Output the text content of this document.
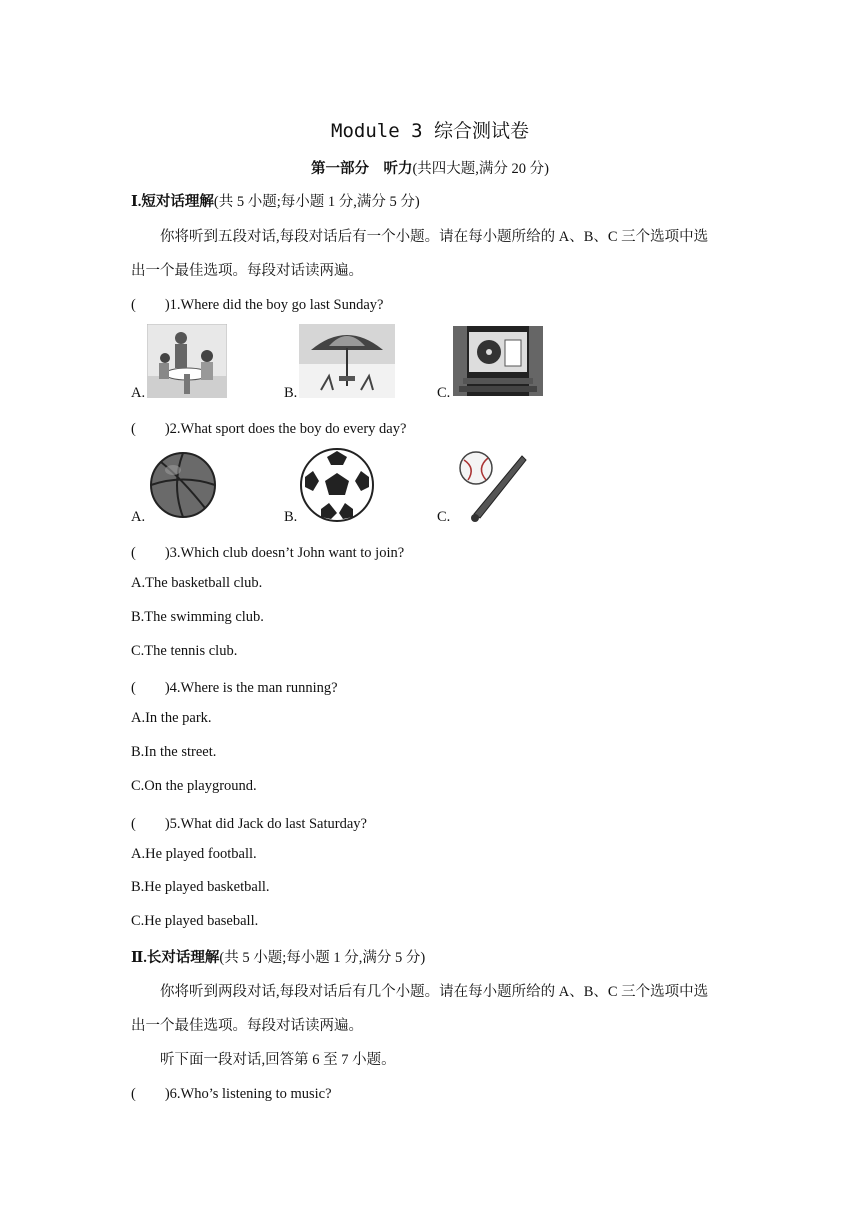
Module 3 综合测试卷
第一部分　听力(共四大题,满分 20 分)
Ⅰ.短对话理解(共 5 小题;每小题 1 分,满分 5 分)
你将听到五段对话,每段对话后有一个小题。请在每小题所给的 A、B、C 三个选项中选
出一个最佳选项。每段对话读两遍。
(　　)1.Where did the boy go last Sunday?
A.	B.	C.
(　　)2.What sport does the boy do every day?
A.	B.	C.
(　　)3.Which club doesn’t John want to join?
A.The basketball club.
B.The swimming club.
C.The tennis club.
(　　)4.Where is the man running?
A.In the park.
B.In the street.
C.On the playground.
(　　)5.What did Jack do last Saturday?
A.He played football.
B.He played basketball.
C.He played baseball.
Ⅱ.长对话理解(共 5 小题;每小题 1 分,满分 5 分)
你将听到两段对话,每段对话后有几个小题。请在每小题所给的 A、B、C 三个选项中选
出一个最佳选项。每段对话读两遍。
听下面一段对话,回答第 6 至 7 小题。
(　　)6.Who’s listening to music?
